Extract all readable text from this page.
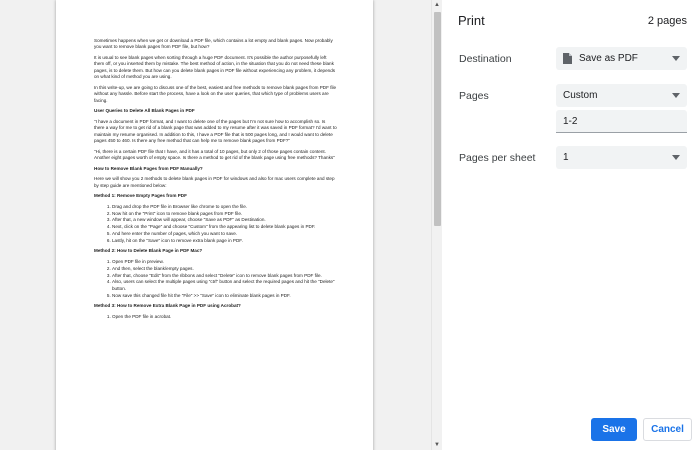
Sometimes happens when we get or download a PDF file, which contains a lot empty and blank pages. Now probably you want to remove blank pages from PDF file, but how?

It is usual to see blank pages when sorting through a huge PDF document. It's possible the author purposefully left them off, or you inserted them by mistake. The best method of action, in the situation that you do not need these blank pages, is to delete them. But how can you delete blank pages in PDF file without experiencing any problem, it depends on what kind of method you are using.

In this write-up, we are going to discuss one of the best, easiest and free methods to remove blank pages from PDF file without any hassle. Before start the process, have a look on the user queries, that which type of problems users are facing.

User Queries to Delete All Blank Pages in PDF

"I have a document in PDF format, and I want to delete one of the pages but I'm not sure how to accomplish so. Is there a way for me to get rid of a blank page that was added to my resume after it was saved in PDF format? I'd want to maintain my resume organised. In addition to this, I have a PDF file that is 500 pages long, and I would want to delete pages 450 to 460. Is there any free method that can help me to remove blank pages from PDF?"

"Hi, there is a certain PDF file that I have, and it has a total of 10 pages, but only 2 of those pages contain content. Another eight pages worth of empty space. Is there a method to get rid of the blank page using free methods? Thanks"

How to Remove Blank Pages from PDF Manually?

Here we will show you 2 methods to delete blank pages in PDF for windows and also for mac users complete and step by step guide are mentioned below:

Method 1: Remove Empty Pages from PDF
1. Drag and drop the PDF file in Browser like chrome to open the file.
2. Now hit on the "Print" icon to remove blank pages from PDF file.
3. After that, a new window will appear, choose "Save as PDF" as Destination.
4. Next, click on the "Page" and choose "Custom" from the appearing list to delete blank pages in PDF.
5. And here enter the number of pages, which you want to save.
6. Lastly, hit on the "Save" icon to remove extra blank page in PDF.
Method 2: How to Delete Blank Page in PDF Mac?
1. Open PDF file in preview.
2. And then, select the blank/empty pages.
3. After that, choose "Edit" from the ribbons and select "Delete" icon to remove blank pages from PDF file.
4. Also, users can select the multiple pages using "ctrl" button and select the required pages and hit the "Delete" button.
5. Now save this changed file hit the "File" >> "Save" icon to eliminate blank pages in PDF.
Method 3: How to Remove Extra Blank Page in PDF using Acrobat?
1. Open the PDF file in acrobat.
▲
▼
Print	2 pages
Destination	Save as PDF
Pages	Custom
1-2
Pages per sheet	1
Save	Cancel
